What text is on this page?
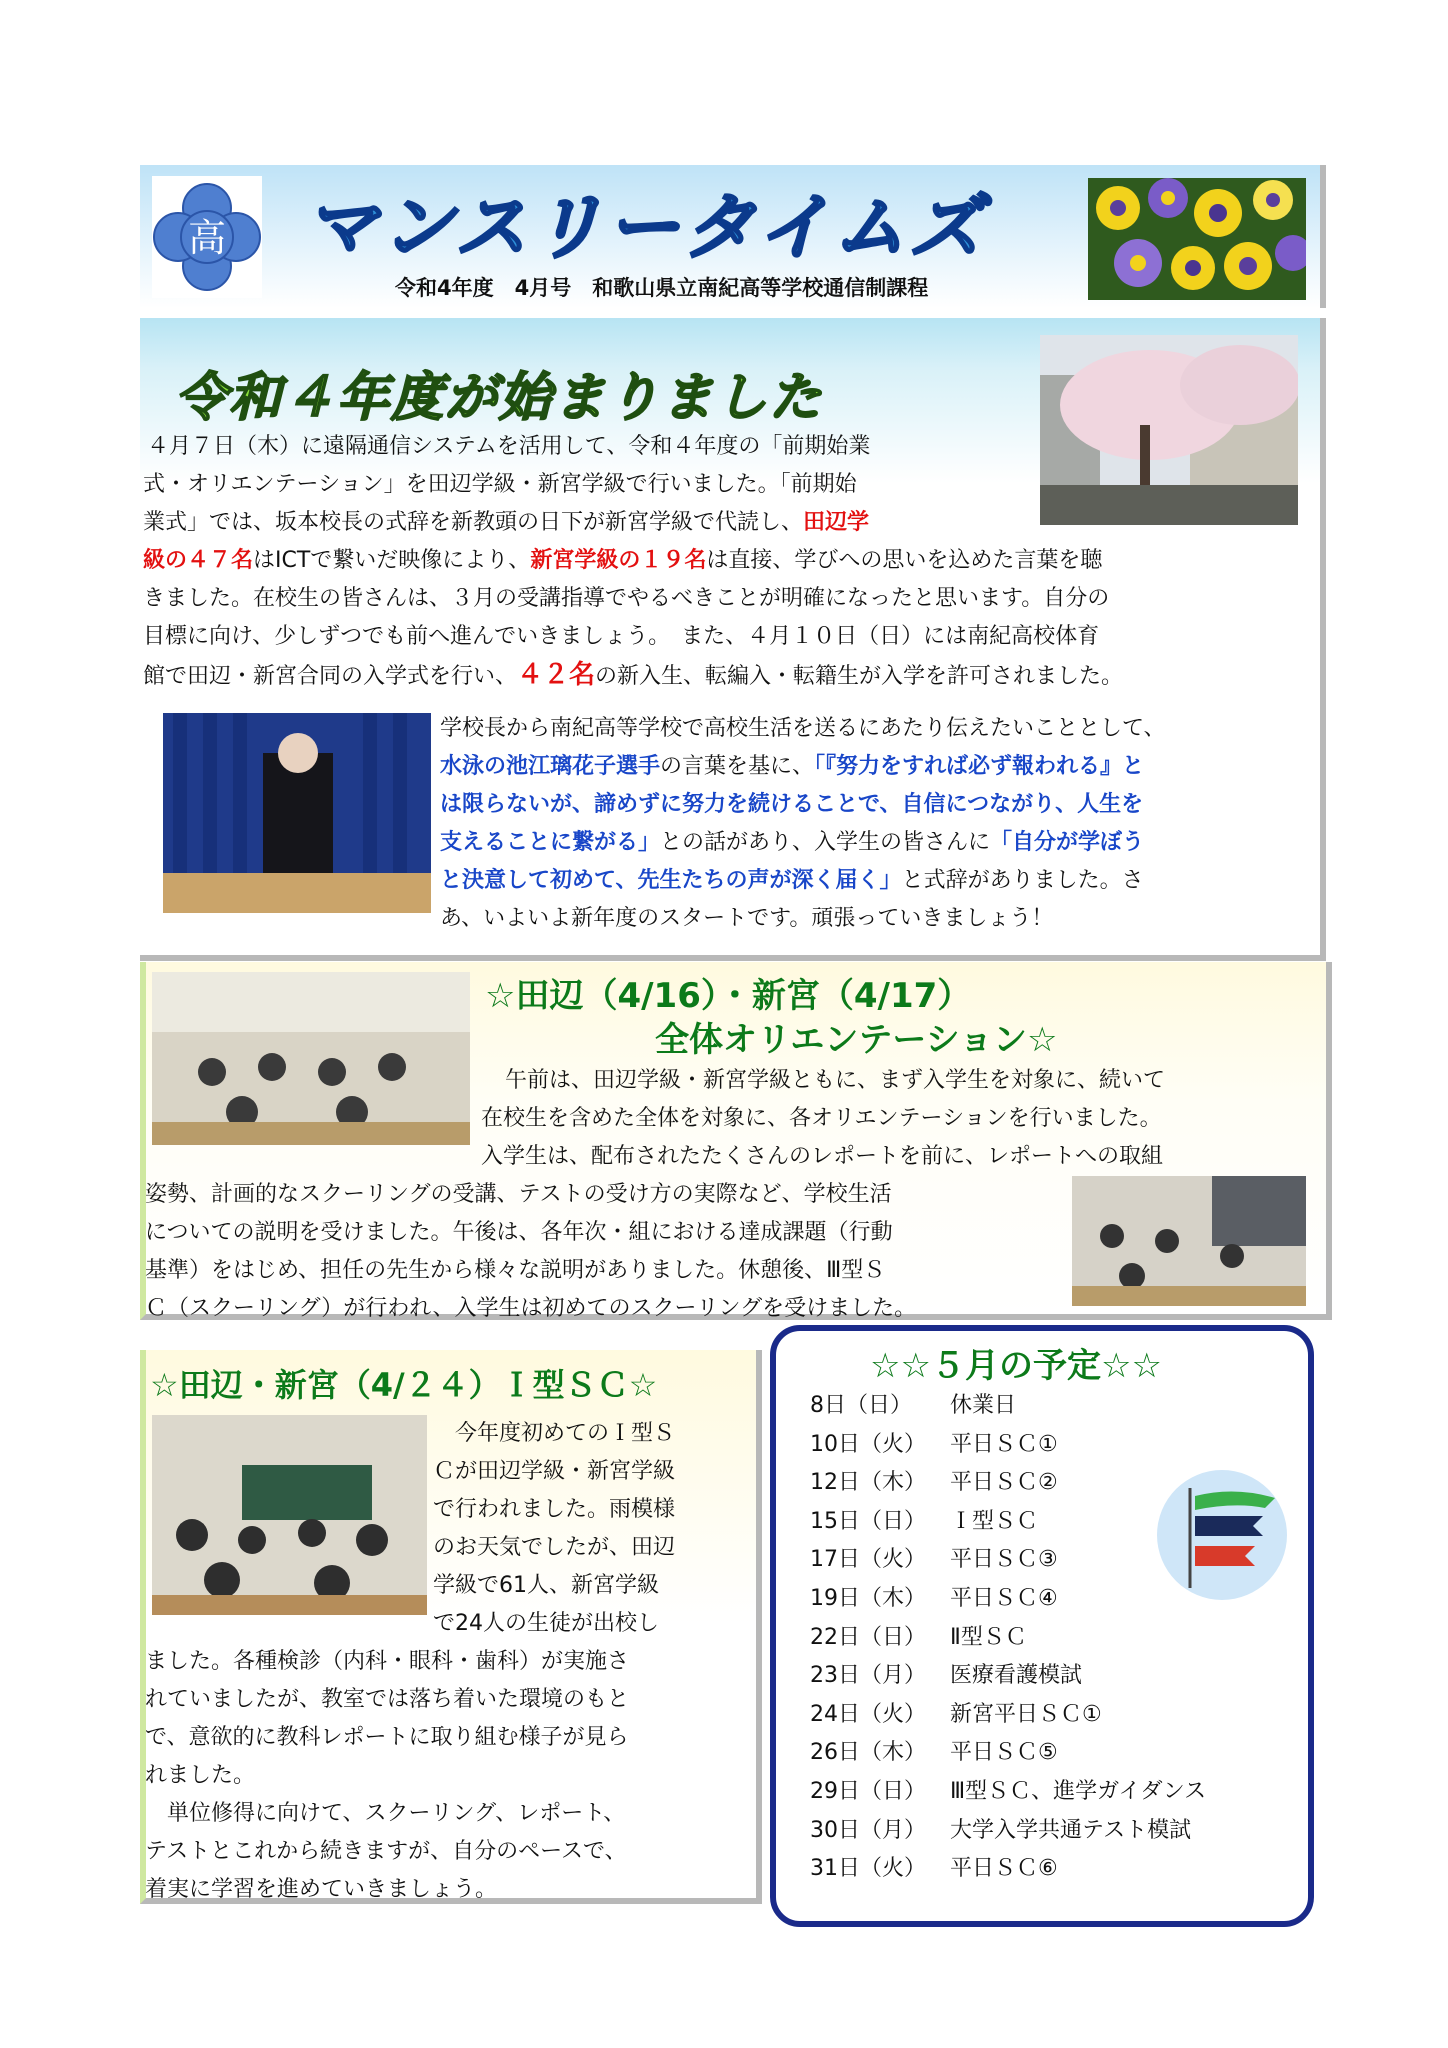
高 マンスリータイムズ
令和4年度　4月号　和歌山県立南紀高等学校通信制課程
令和４年度が始まりました
４月７日（木）に遠隔通信システムを活用して、令和４年度の「前期始業
式・オリエンテーション」を田辺学級・新宮学級で行いました。「前期始
業式」では、坂本校長の式辞を新教頭の日下が新宮学級で代読し、田辺学
級の４７名はICTで繋いだ映像により、新宮学級の１９名は直接、学びへの思いを込めた言葉を聴
きました。在校生の皆さんは、３月の受講指導でやるべきことが明確になったと思います。自分の
目標に向け、少しずつでも前へ進んでいきましょう。　また、４月１０日（日）には南紀高校体育
館で田辺・新宮合同の入学式を行い、４２名の新入生、転編入・転籍生が入学を許可されました。
学校長から南紀高等学校で高校生活を送るにあたり伝えたいこととして、
水泳の池江璃花子選手の言葉を基に、「『努力をすれば必ず報われる』と
は限らないが、諦めずに努力を続けることで、自信につながり、人生を
支えることに繋がる」との話があり、入学生の皆さんに「自分が学ぼう
と決意して初めて、先生たちの声が深く届く」と式辞がありました。さ
あ、いよいよ新年度のスタートです。頑張っていきましょう！
☆田辺（4/16）・新宮（4/17）
全体オリエンテーション☆
午前は、田辺学級・新宮学級ともに、まず入学生を対象に、続いて
在校生を含めた全体を対象に、各オリエンテーションを行いました。
入学生は、配布されたたくさんのレポートを前に、レポートへの取組
姿勢、計画的なスクーリングの受講、テストの受け方の実際など、学校生活
についての説明を受けました。午後は、各年次・組における達成課題（行動
基準）をはじめ、担任の先生から様々な説明がありました。休憩後、Ⅲ型Ｓ
Ｃ（スクーリング）が行われ、入学生は初めてのスクーリングを受けました。
☆田辺・新宮（4/２４）Ｉ型ＳＣ☆
今年度初めてのＩ型Ｓ
Ｃが田辺学級・新宮学級
で行われました。雨模様
のお天気でしたが、田辺
学級で61人、新宮学級
で24人の生徒が出校し
ました。各種検診（内科・眼科・歯科）が実施さ
れていましたが、教室では落ち着いた環境のもと
で、意欲的に教科レポートに取り組む様子が見ら
れました。
単位修得に向けて、スクーリング、レポート、
テストとこれから続きますが、自分のペースで、
着実に学習を進めていきましょう。
☆☆５月の予定☆☆
8日（日） 休業日
10日（火） 平日ＳＣ①
12日（木） 平日ＳＣ②
15日（日） Ｉ型ＳＣ
17日（火） 平日ＳＣ③
19日（木） 平日ＳＣ④
22日（日） Ⅱ型ＳＣ
23日（月） 医療看護模試
24日（火） 新宮平日ＳＣ①
26日（木） 平日ＳＣ⑤
29日（日） Ⅲ型ＳＣ、進学ガイダンス
30日（月） 大学入学共通テスト模試
31日（火） 平日ＳＣ⑥
